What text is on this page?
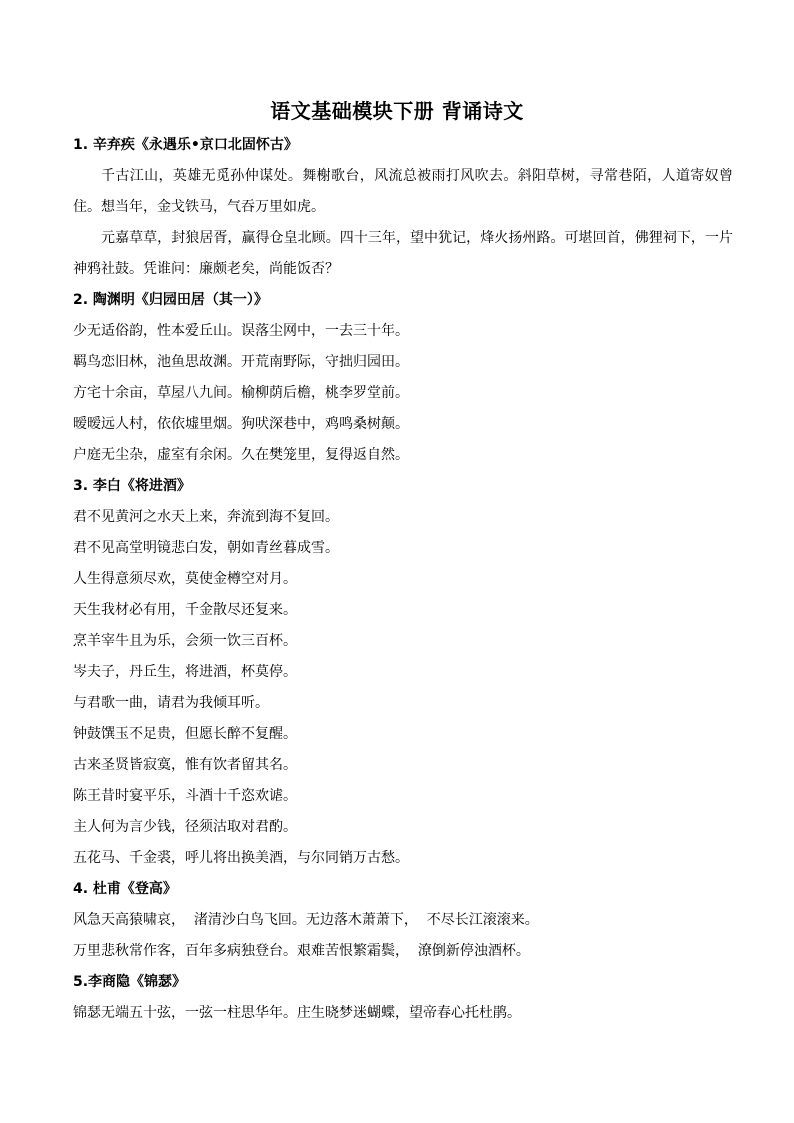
语文基础模块下册 背诵诗文
1. 辛弃疾《永遇乐•京口北固怀古》
千古江山，英雄无觅孙仲谋处。舞榭歌台，风流总被雨打风吹去。斜阳草树，寻常巷陌，人道寄奴曾住。想当年，金戈铁马，气吞万里如虎。
元嘉草草，封狼居胥，赢得仓皇北顾。四十三年，望中犹记，烽火扬州路。可堪回首，佛狸祠下，一片神鸦社鼓。凭谁问：廉颇老矣，尚能饭否？
2. 陶渊明《归园田居（其一）》
少无适俗韵，性本爱丘山。误落尘网中，一去三十年。
羁鸟恋旧林，池鱼思故渊。开荒南野际，守拙归园田。
方宅十余亩，草屋八九间。榆柳荫后檐，桃李罗堂前。
暧暧远人村，依依墟里烟。狗吠深巷中，鸡鸣桑树颠。
户庭无尘杂，虚室有余闲。久在樊笼里，复得返自然。
3. 李白《将进酒》
君不见黄河之水天上来，奔流到海不复回。
君不见高堂明镜悲白发，朝如青丝暮成雪。
人生得意须尽欢，莫使金樽空对月。
天生我材必有用，千金散尽还复来。
烹羊宰牛且为乐，会须一饮三百杯。
岑夫子，丹丘生，将进酒，杯莫停。
与君歌一曲，请君为我倾耳听。
钟鼓馔玉不足贵，但愿长醉不复醒。
古来圣贤皆寂寞，惟有饮者留其名。
陈王昔时宴平乐，斗酒十千恣欢谑。
主人何为言少钱，径须沽取对君酌。
五花马、千金裘，呼儿将出换美酒，与尔同销万古愁。
4. 杜甫《登高》
风急天高猿啸哀，  渚清沙白鸟飞回。无边落木萧萧下，  不尽长江滚滚来。
万里悲秋常作客，百年多病独登台。艰难苦恨繁霜鬓，  潦倒新停浊酒杯。
5.李商隐《锦瑟》
锦瑟无端五十弦，一弦一柱思华年。庄生晓梦迷蝴蝶，望帝春心托杜鹃。
